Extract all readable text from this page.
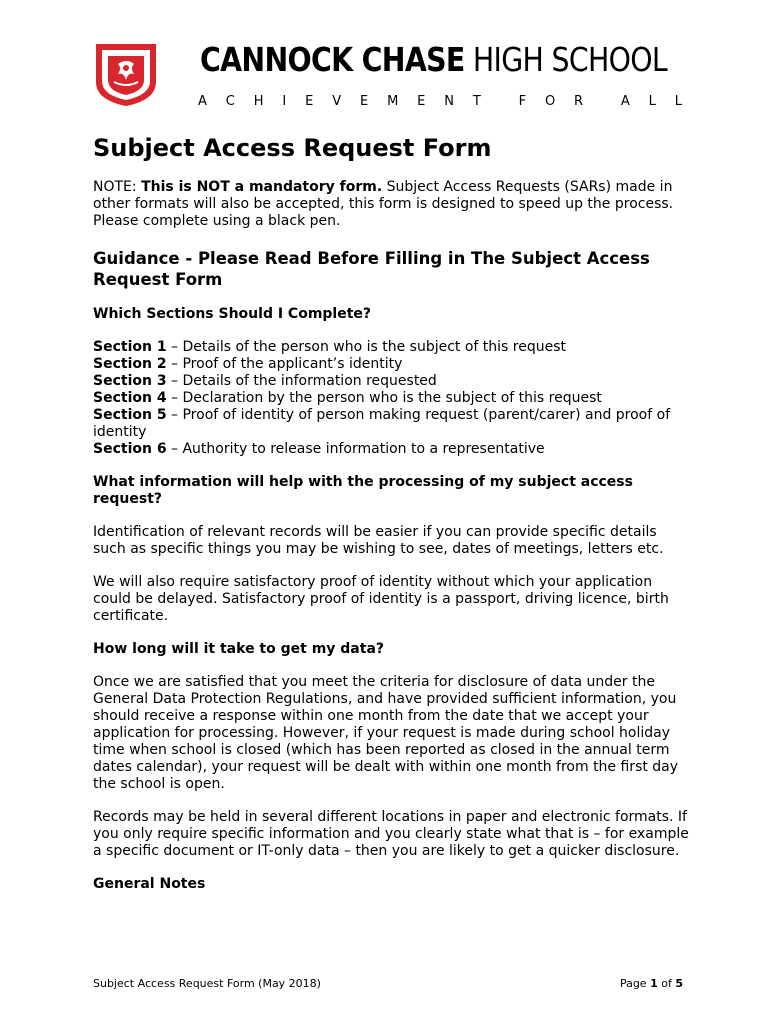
CANNOCK CHASE HIGH SCHOOL
A C H I E V E M E N T	F O R	A L L
Subject Access Request Form

NOTE: This is NOT a mandatory form. Subject Access Requests (SARs) made in other formats will also be accepted, this form is designed to speed up the process. Please complete using a black pen.

Guidance - Please Read Before Filling in The Subject Access Request Form

Which Sections Should I Complete?

Section 1 – Details of the person who is the subject of this request

Section 2 – Proof of the applicant’s identity

Section 3 – Details of the information requested

Section 4 – Declaration by the person who is the subject of this request

Section 5 – Proof of identity of person making request (parent/carer) and proof of identity

Section 6 – Authority to release information to a representative

What information will help with the processing of my subject access request?

Identification of relevant records will be easier if you can provide specific details such as specific things you may be wishing to see, dates of meetings, letters etc.

We will also require satisfactory proof of identity without which your application could be delayed. Satisfactory proof of identity is a passport, driving licence, birth certificate.

How long will it take to get my data?

Once we are satisfied that you meet the criteria for disclosure of data under the General Data Protection Regulations, and have provided sufficient information, you should receive a response within one month from the date that we accept your application for processing. However, if your request is made during school holiday time when school is closed (which has been reported as closed in the annual term dates calendar), your request will be dealt with within one month from the first day the school is open.

Records may be held in several different locations in paper and electronic formats. If you only require specific information and you clearly state what that is – for example a specific document or IT-only data – then you are likely to get a quicker disclosure.

General Notes

Subject Access Request Form (May 2018)	Page 1 of 5
